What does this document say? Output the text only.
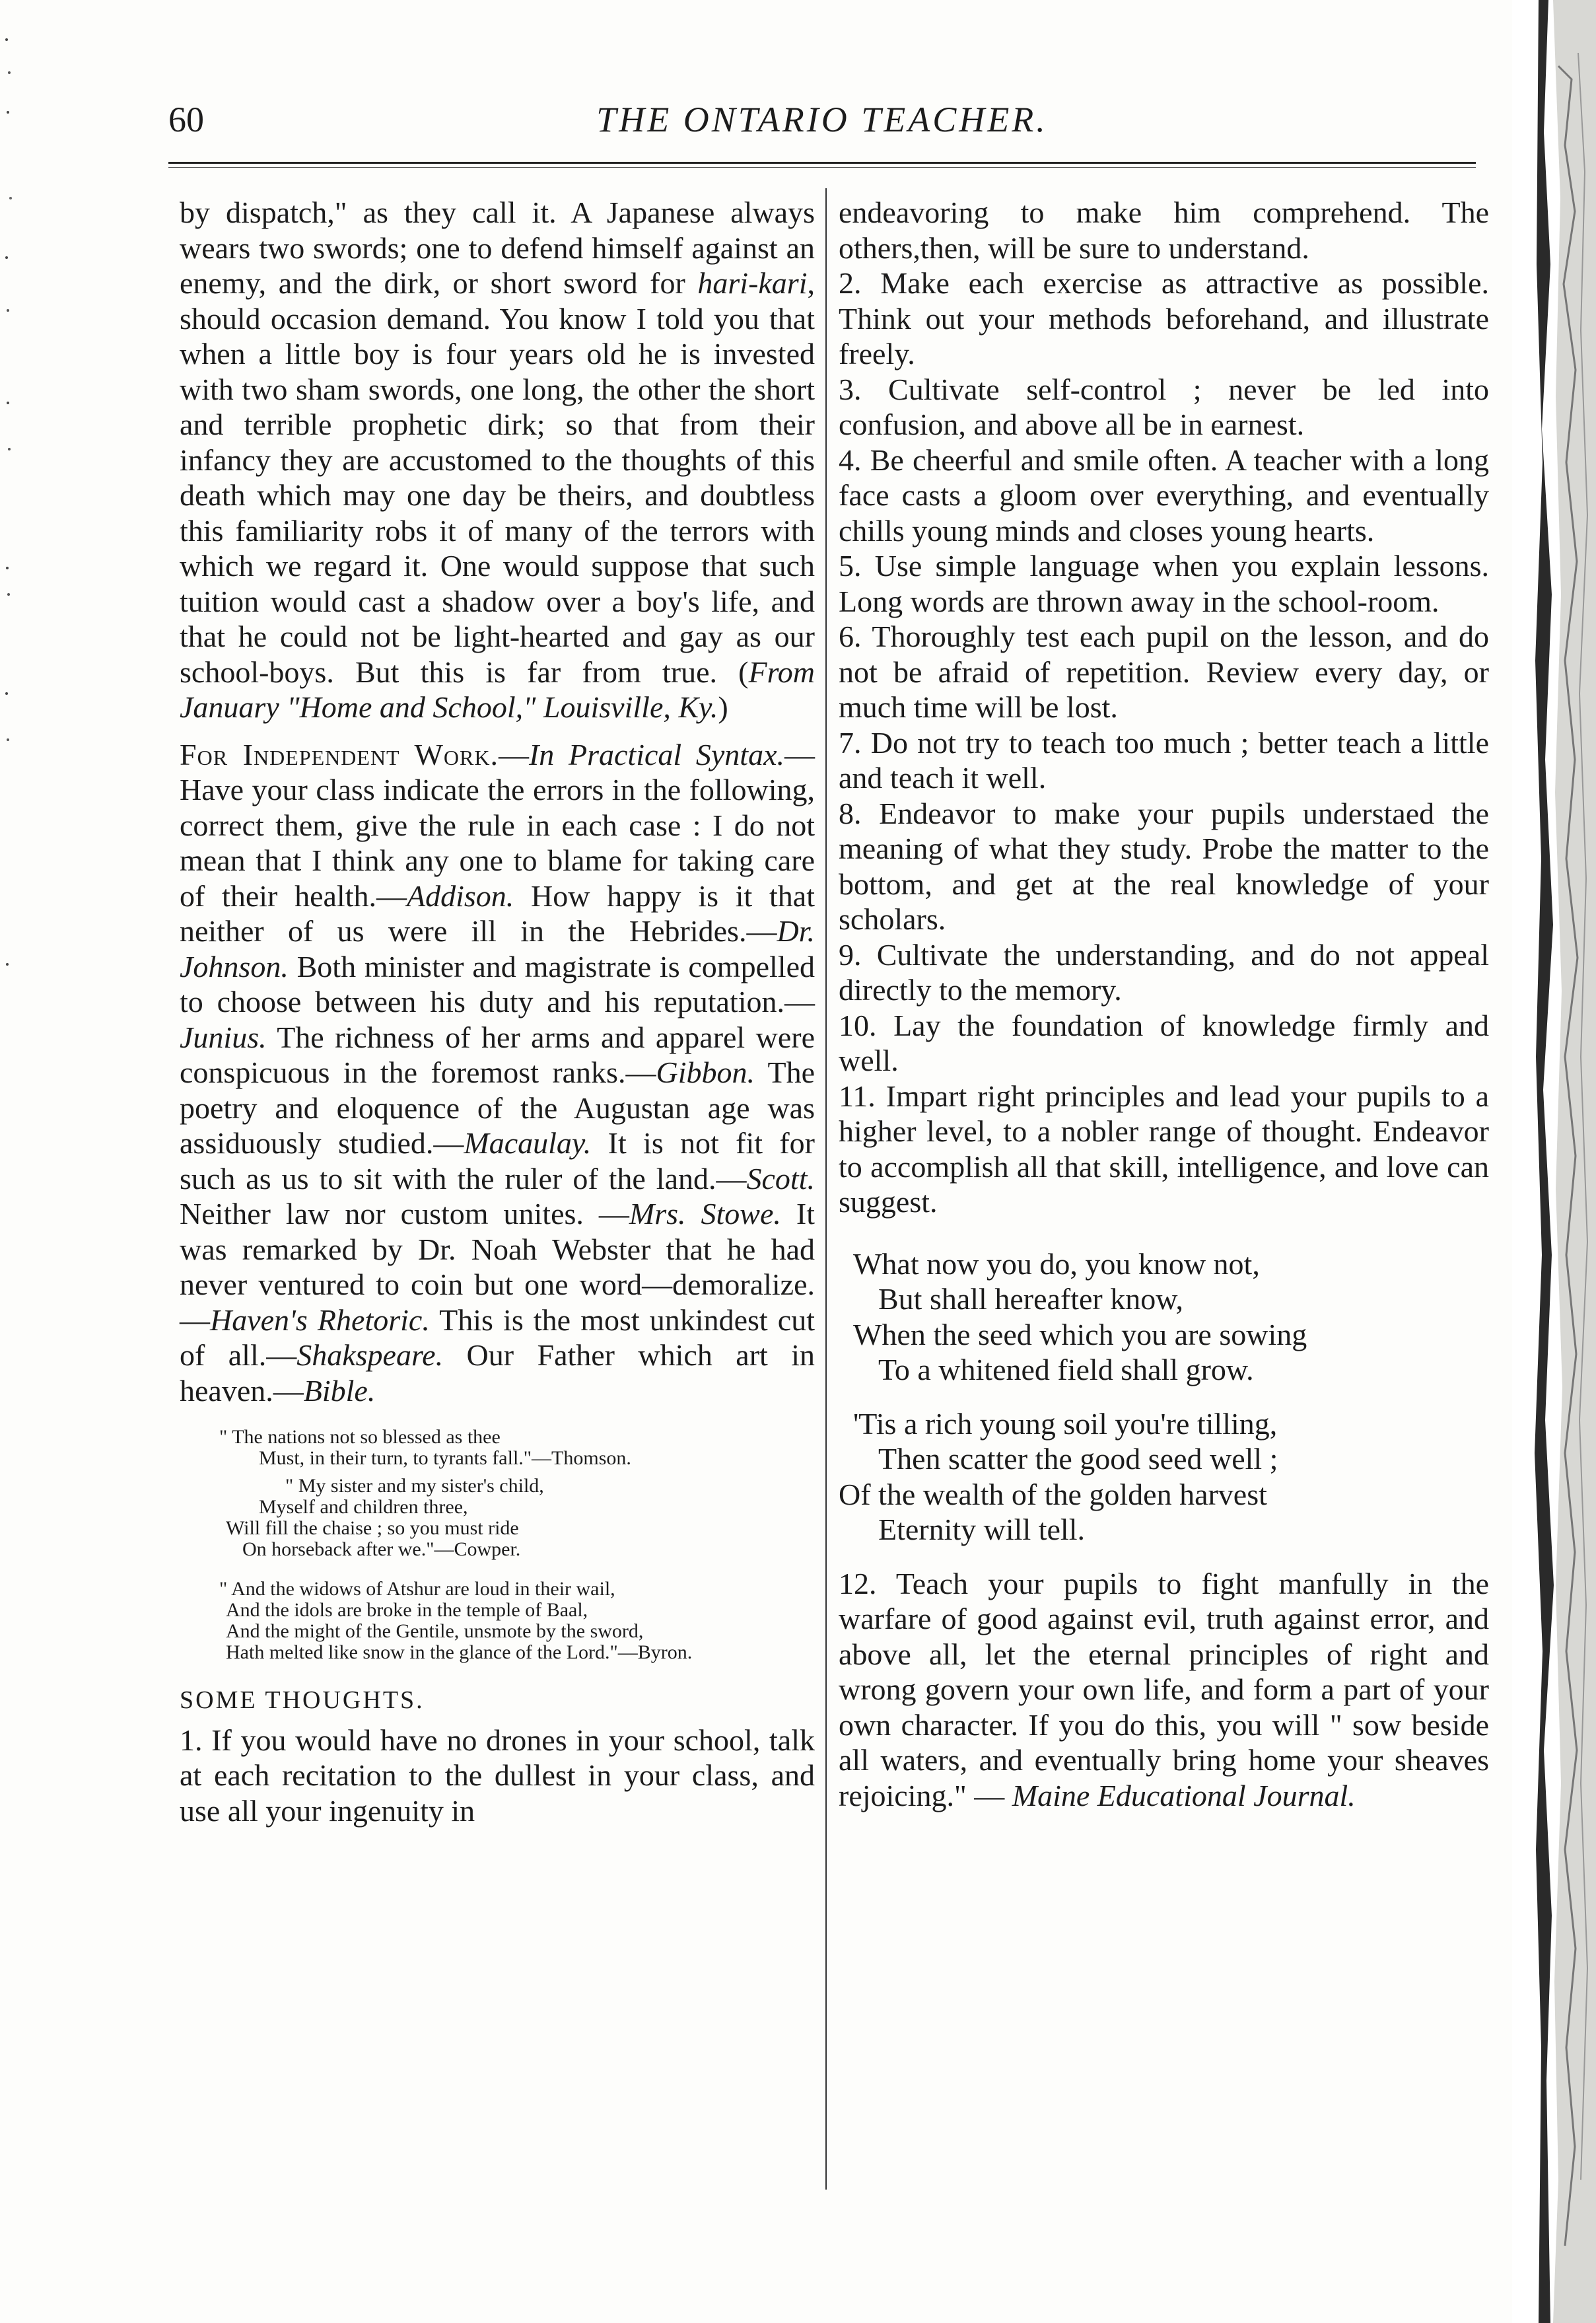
60	THE ONTARIO TEACHER.

by dispatch," as they call it. A Japanese always wears two swords; one to defend himself against an enemy, and the dirk, or short sword for hari-kari, should occasion demand. You know I told you that when a little boy is four years old he is invested with two sham swords, one long, the other the short and terrible prophetic dirk; so that from their infancy they are accustomed to the thoughts of this death which may one day be theirs, and doubtless this familiarity robs it of many of the terrors with which we regard it. One would suppose that such tuition would cast a shadow over a boy's life, and that he could not be light-hearted and gay as our school-boys. But this is far from true. (From January "Home and School," Louisville, Ky.)

For Independent Work.—In Practical Syntax.—Have your class indicate the errors in the following, correct them, give the rule in each case : I do not mean that I think any one to blame for taking care of their health.—Addison. How happy is it that neither of us were ill in the Hebrides.—Dr. Johnson. Both minister and magistrate is compelled to choose between his duty and his reputation.—Junius. The richness of her arms and apparel were conspicuous in the foremost ranks.—Gibbon. The poetry and eloquence of the Augustan age was assiduously studied.—Macaulay. It is not fit for such as us to sit with the ruler of the land.—Scott. Neither law nor custom unites. —Mrs. Stowe. It was remarked by Dr. Noah Webster that he had never ventured to coin but one word—demoralize.—Haven's Rhetoric. This is the most unkindest cut of all.—Shakspeare. Our Father which art in heaven.—Bible.

" The nations not so blessed as thee
Must, in their turn, to tyrants fall."—Thomson.
" My sister and my sister's child,
Myself and children three,
Will fill the chaise ; so you must ride
On horseback after we."—Cowper.
" And the widows of Atshur are loud in their wail,
And the idols are broke in the temple of Baal,
And the might of the Gentile, unsmote by the sword,
Hath melted like snow in the glance of the Lord."—Byron.

SOME THOUGHTS.

1. If you would have no drones in your school, talk at each recitation to the dullest in your class, and use all your ingenuity in

endeavoring to make him comprehend. The others,then, will be sure to understand.

2. Make each exercise as attractive as possible. Think out your methods beforehand, and illustrate freely.

3. Cultivate self-control ; never be led into confusion, and above all be in earnest.

4. Be cheerful and smile often. A teacher with a long face casts a gloom over everything, and eventually chills young minds and closes young hearts.

5. Use simple language when you explain lessons. Long words are thrown away in the school-room.

6. Thoroughly test each pupil on the lesson, and do not be afraid of repetition. Review every day, or much time will be lost.

7. Do not try to teach too much ; better teach a little and teach it well.

8. Endeavor to make your pupils understaed the meaning of what they study. Probe the matter to the bottom, and get at the real knowledge of your scholars.

9. Cultivate the understanding, and do not appeal directly to the memory.

10. Lay the foundation of knowledge firmly and well.

11. Impart right principles and lead your pupils to a higher level, to a nobler range of thought. Endeavor to accomplish all that skill, intelligence, and love can suggest.

What now you do, you know not,
But shall hereafter know,
When the seed which you are sowing
To a whitened field shall grow.
'Tis a rich young soil you're tilling,
Then scatter the good seed well ;
Of the wealth of the golden harvest
Eternity will tell.

12. Teach your pupils to fight manfully in the warfare of good against evil, truth against error, and above all, let the eternal principles of right and wrong govern your own life, and form a part of your own character. If you do this, you will " sow beside all waters, and eventually bring home your sheaves rejoicing." — Maine Educational Journal.
